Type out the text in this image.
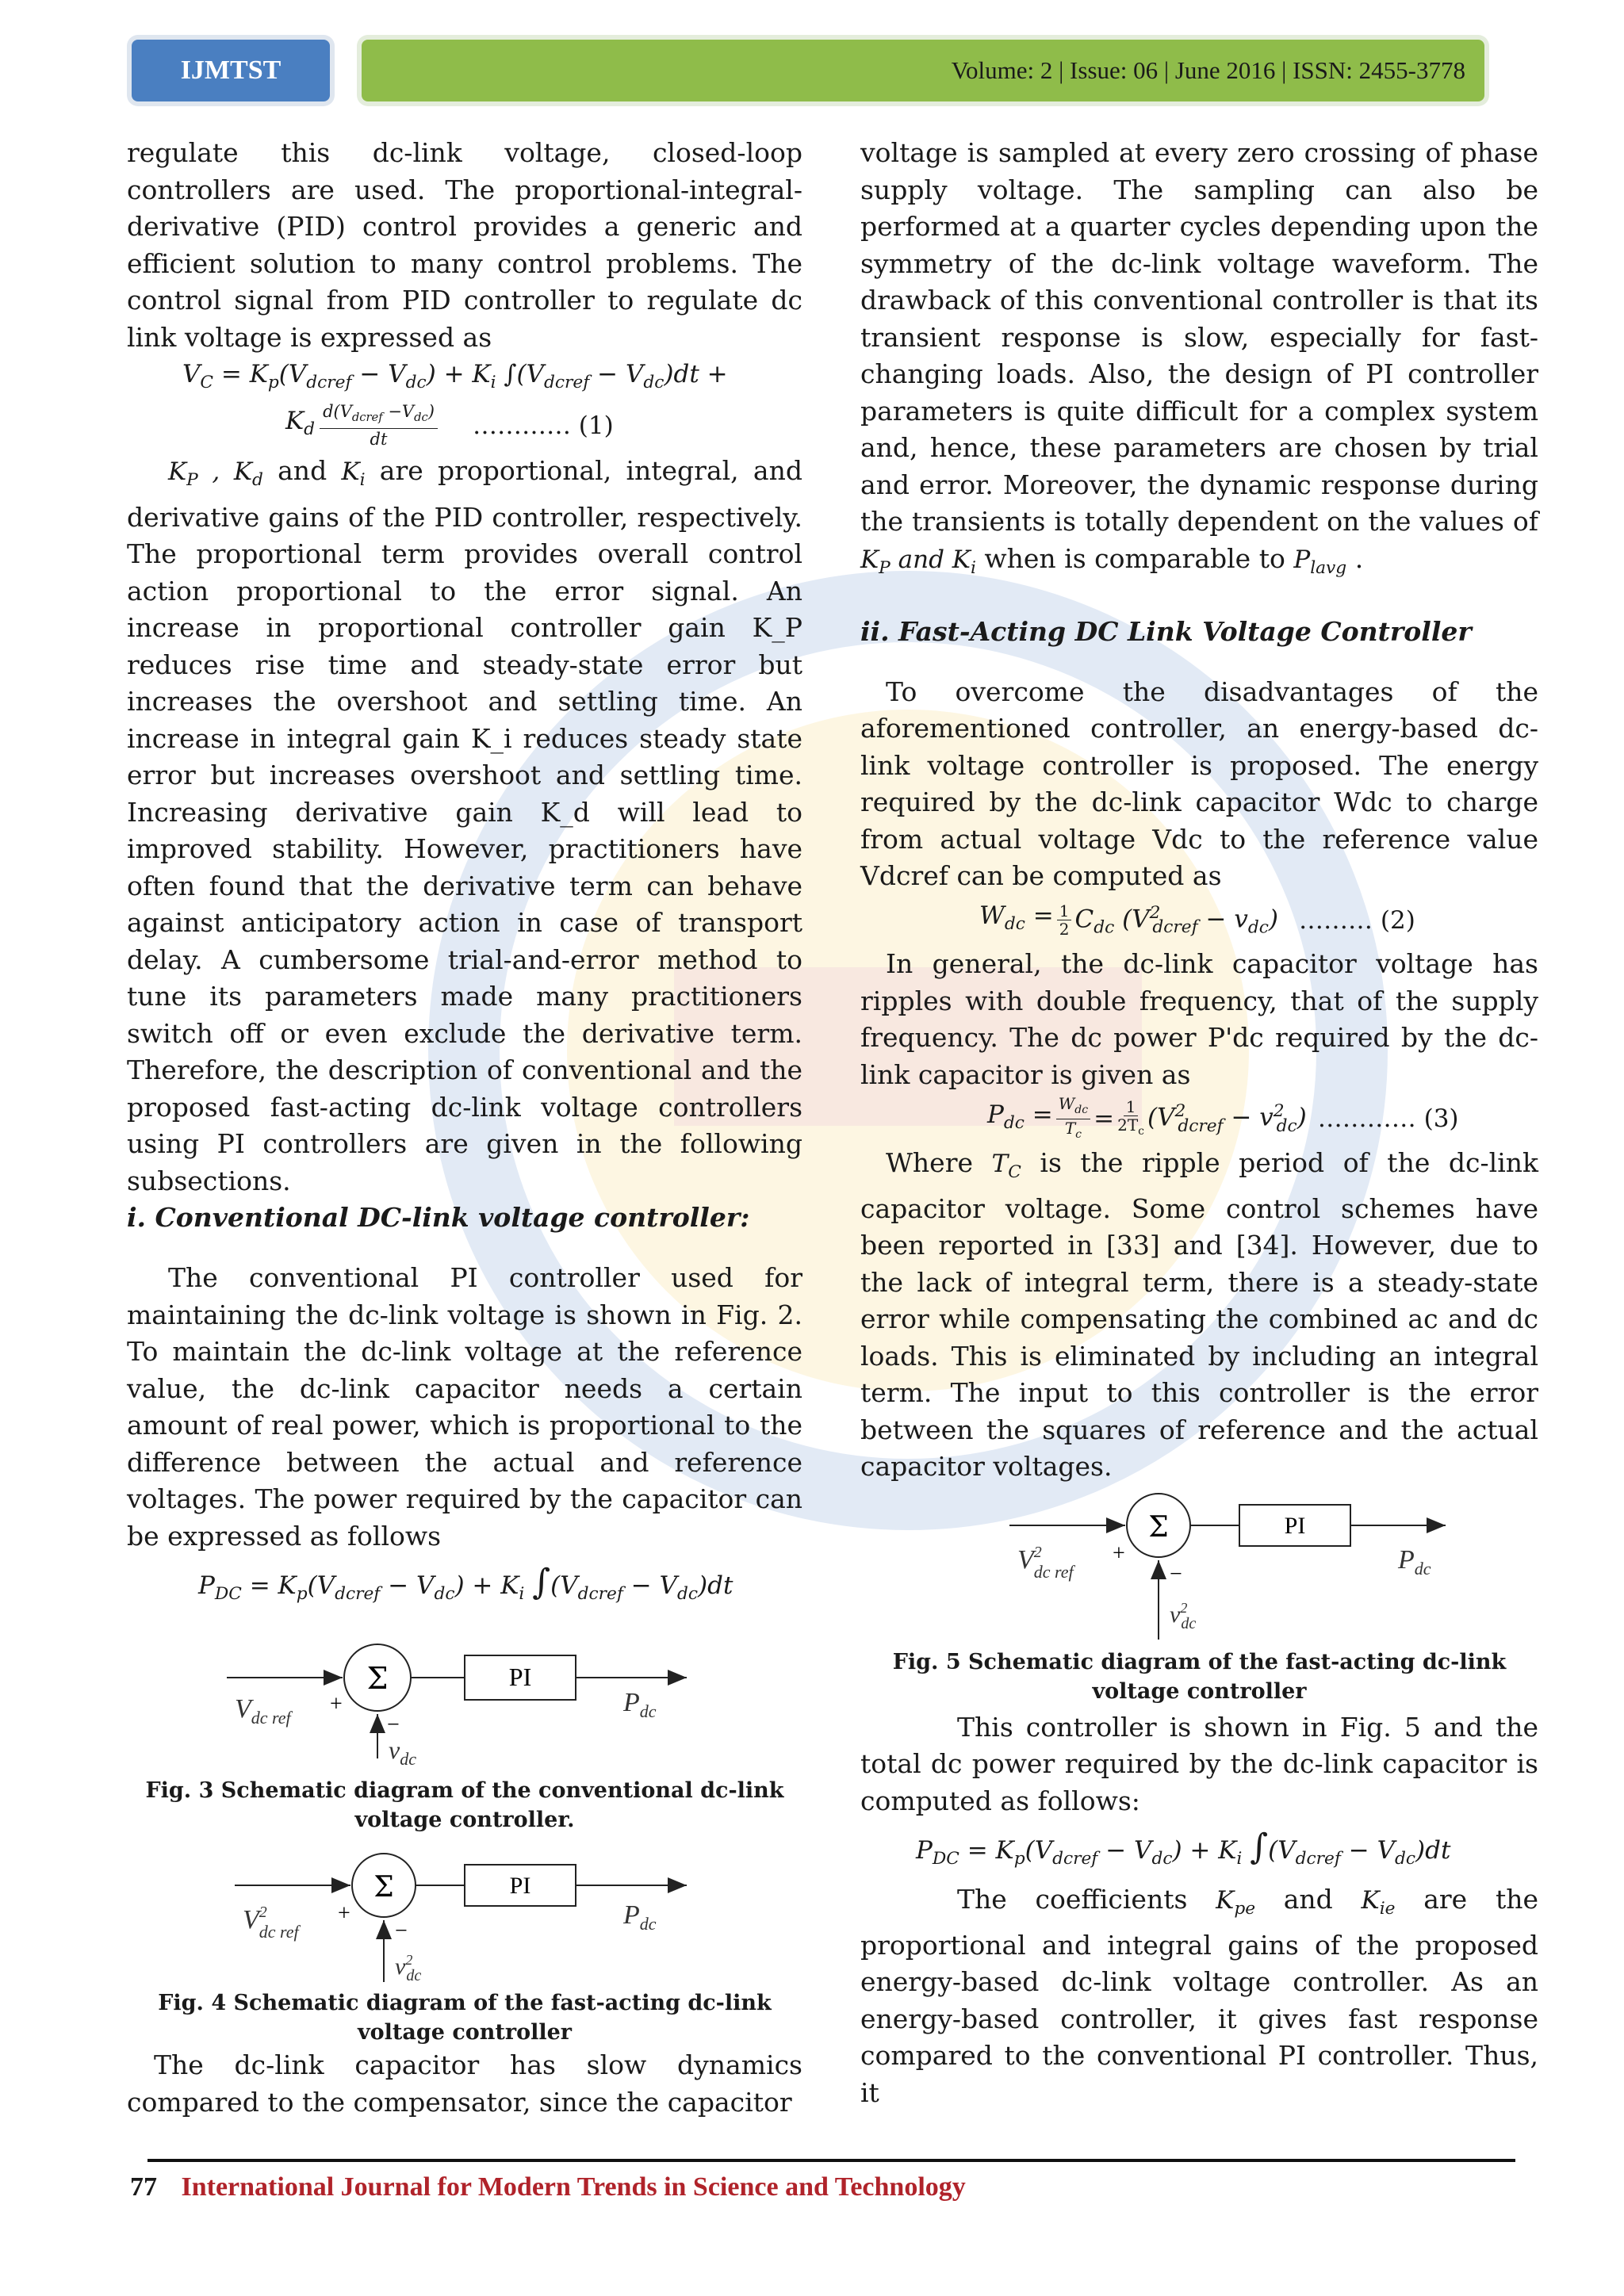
IJMTST	Volume: 2 | Issue: 06 | June 2016 | ISSN: 2455-3778

regulate this dc-link voltage, closed-loop controllers are used. The proportional-integral-derivative (PID) control provides a generic and efficient solution to many control problems. The control signal from PID controller to regulate dc link voltage is expressed as

$V_C = K_p(V_{dcref} - V_{dc}) + K_i$ $\int(V_{dcref} - V_{dc})dt$ +
$K_d$
$d(V_{dcref} -V_{dc})$
dt	………… (1)

$K_P$ , $K_d$ and $K_i$ are proportional, integral, and derivative gains of the PID controller, respectively. The proportional term provides overall control action proportional to the error signal. An increase in proportional controller gain K_P reduces rise time and steady-state error but increases the overshoot and settling time. An increase in integral gain K_i reduces steady state error but increases overshoot and settling time. Increasing derivative gain K_d will lead to improved stability. However, practitioners have often found that the derivative term can behave against anticipatory action in case of transport delay. A cumbersome trial-and-error method to tune its parameters made many practitioners switch off or even exclude the derivative term. Therefore, the description of conventional and the proposed fast-acting dc-link voltage controllers using PI controllers are given in the following subsections.

i. Conventional DC-link voltage controller:

The conventional PI controller used for maintaining the dc-link voltage is shown in Fig. 2. To maintain the dc-link voltage at the reference value, the dc-link capacitor needs a certain amount of real power, which is proportional to the difference between the actual and reference voltages. The power required by the capacitor can be expressed as follows

$P_{DC} = K_p(V_{dcref} - V_{dc}) + K_i$ $\int(V_{dcref} - V_{dc})dt$
Σ	PI
$V_{dc ref}$
+
−
$P_{dc}$
$v_{dc}$

Fig. 3 Schematic diagram of the conventional dc-link voltage controller.

Σ	PI
$V^2$ dc ref
+
−
$P_{dc}$
$v^2$ dc

Fig. 4 Schematic diagram of the fast-acting dc-link voltage controller

The dc-link capacitor has slow dynamics compared to the compensator, since the capacitor

voltage is sampled at every zero crossing of phase supply voltage. The sampling can also be performed at a quarter cycles depending upon the symmetry of the dc-link voltage waveform. The drawback of this conventional controller is that its transient response is slow, especially for fast-changing loads. Also, the design of PI controller parameters is quite difficult for a complex system and, hence, these parameters are chosen by trial and error. Moreover, the dynamic response during the transients is totally dependent on the values of $K_P$ and $K_i$ when is comparable to $P_{lavg}$ .

ii. Fast-Acting DC Link Voltage Controller

To overcome the disadvantages of the aforementioned controller, an energy-based dc-link voltage controller is proposed. The energy required by the dc-link capacitor Wdc to charge from actual voltage Vdc to the reference value Vdcref can be computed as

$W_{dc} = \frac{1}{2} C_{dc}$ $(V^2_{dcref} - v_{dc})$ ……… (2)

In general, the dc-link capacitor voltage has ripples with double frequency, that of the supply frequency. The dc power P'dc required by the dc-link capacitor is given as

$P_{dc} = W_{dc}$
$T_c$
= $\frac{1}{2T_c} (V^2_{dcref} - v^2_{dc})$ ………… (3)

Where $T_C$ is the ripple period of the dc-link capacitor voltage. Some control schemes have been reported in [33] and [34]. However, due to the lack of integral term, there is a steady-state error while compensating the combined ac and dc loads. This is eliminated by including an integral term. The input to this controller is the error between the squares of reference and the actual capacitor voltages.

Σ	PI
$V^2$ dc ref
+
−	$P_{dc}$
$v^2$ dc

Fig. 5 Schematic diagram of the fast-acting dc-link voltage controller

This controller is shown in Fig. 5 and the total dc power required by the dc-link capacitor is computed as follows:

$P_{DC} = K_p(V_{dcref} - V_{dc}) + K_i$ $\int(V_{dcref} - V_{dc})dt$

The coefficients $K_{pe}$ and $K_{ie}$ are the proportional and integral gains of the proposed energy-based dc-link voltage controller. As an energy-based controller, it gives fast response compared to the conventional PI controller. Thus, it

77 International Journal for Modern Trends in Science and Technology
